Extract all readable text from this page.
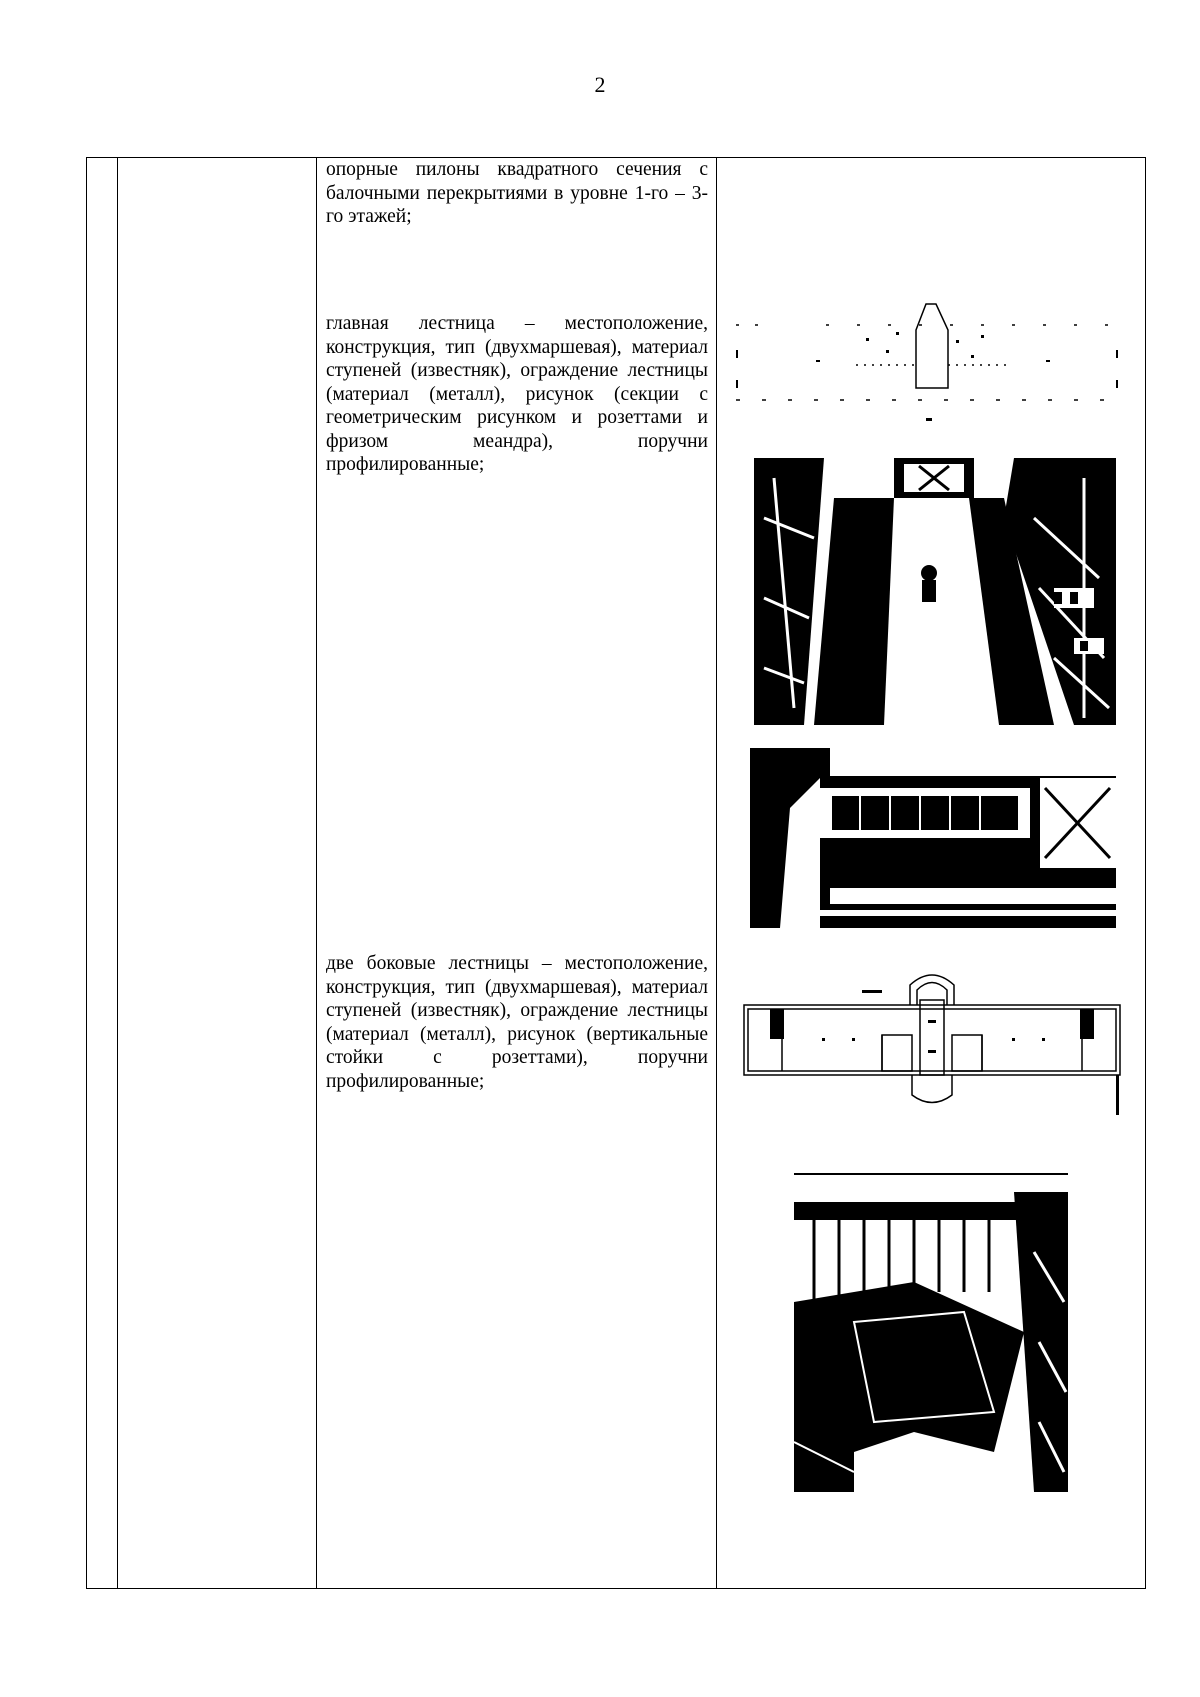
2
опорные пилоны квадратного сечения с балочными перекрытиями в уровне 1-го – 3-го этажей;
главная лестница – местоположение, конструкция, тип (двухмаршевая), материал ступеней (известняк), ограждение лестницы (материал (металл), рисунок (секции с геометрическим рисунком и розеттами и фризом меандра), поручни профилированные;
две боковые лестницы – местоположение, конструкция, тип (двухмаршевая), материал ступеней (известняк), ограждение лестницы (материал (металл), рисунок (вертикальные стойки с розеттами), поручни профилированные;
